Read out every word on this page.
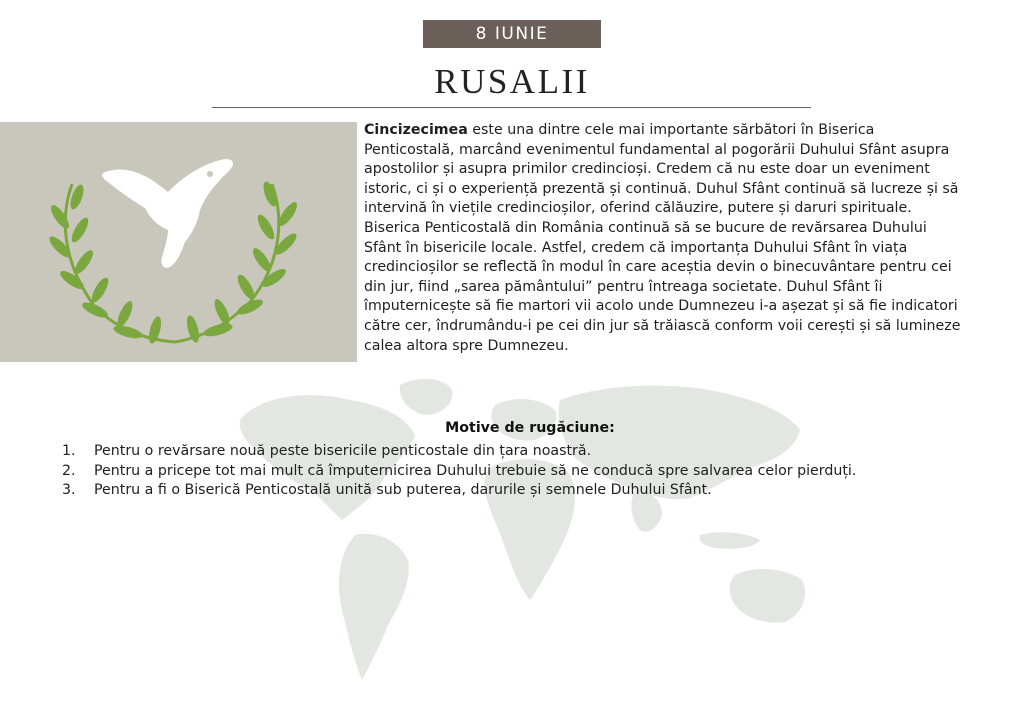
8 IUNIE
RUSALII

Cincizecimea este una dintre cele mai importante sărbători în Biserica Penticostală, marcând evenimentul fundamental al pogorării Duhului Sfânt asupra apostolilor și asupra primilor credincioși. Credem că nu este doar un eveniment istoric, ci și o experiență prezentă și continuă. Duhul Sfânt continuă să lucreze și să intervină în viețile credincioșilor, oferind călăuzire, putere și daruri spirituale.

Biserica Penticostală din România continuă să se bucure de revărsarea Duhului Sfânt în bisericile locale. Astfel, credem că importanța Duhului Sfânt în viața credincioșilor se reflectă în modul în care aceștia devin o binecuvântare pentru cei din jur, fiind „sarea pământului” pentru întreaga societate. Duhul Sfânt îi împuternicește să fie martori vii acolo unde Dumnezeu i-a așezat și să fie indicatori către cer, îndrumându-i pe cei din jur să trăiască conform voii cerești și să lumineze calea altora spre Dumnezeu.

Motive de rugăciune:
1. Pentru o revărsare nouă peste bisericile penticostale din țara noastră.
2. Pentru a pricepe tot mai mult că împuternicirea Duhului trebuie să ne conducă spre salvarea celor pierduți.
3. Pentru a fi o Biserică Penticostală unită sub puterea, darurile și semnele Duhului Sfânt.
